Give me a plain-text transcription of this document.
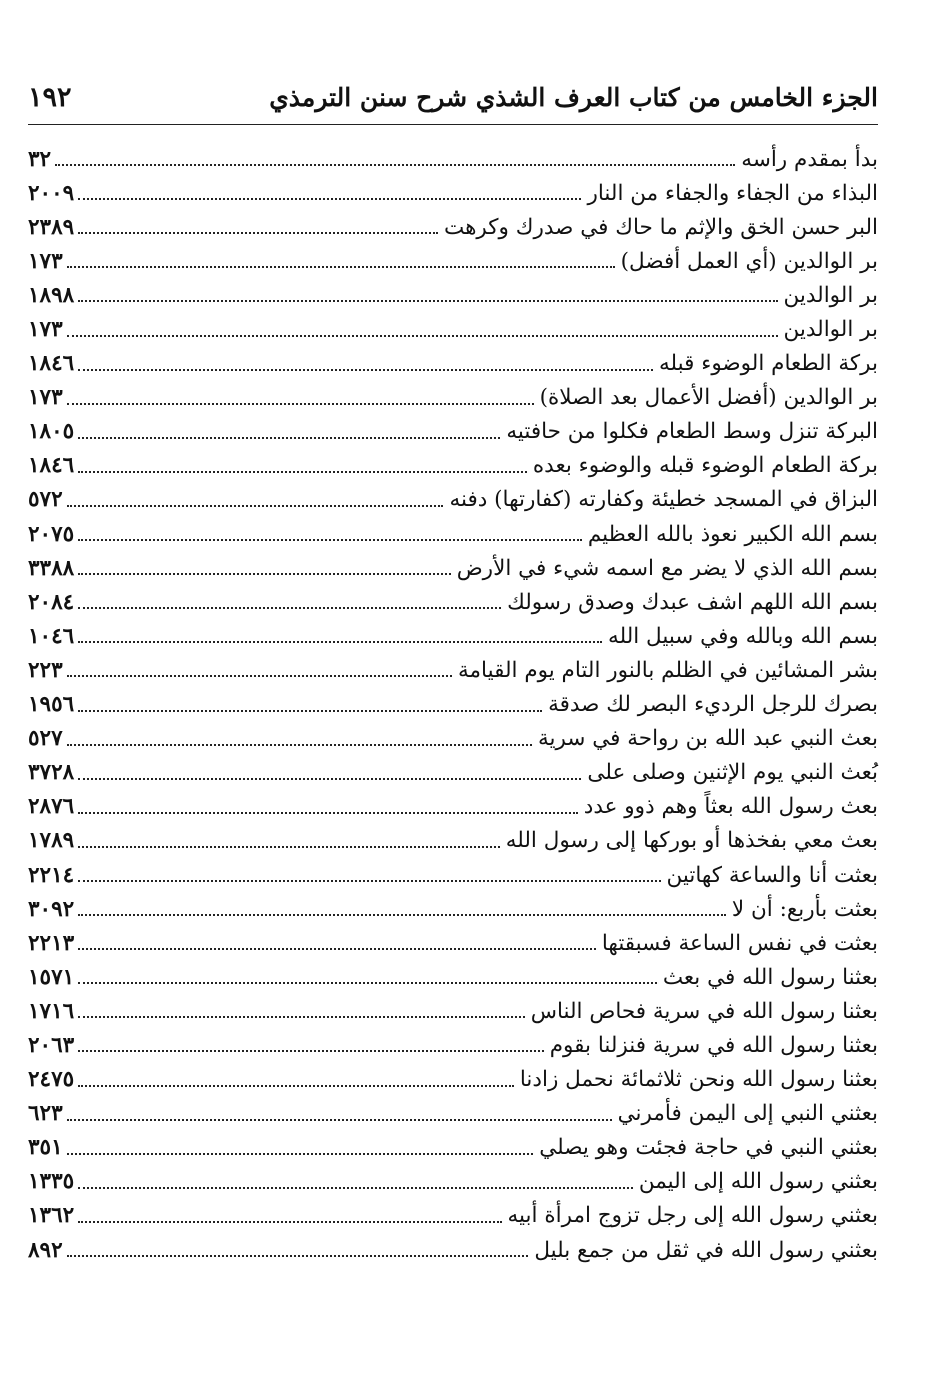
الجزء الخامس من كتاب العرف الشذي شرح سنن الترمذي
١٩٢
بدأ بمقدم رأسه
٣٢
البذاء من الجفاء والجفاء من النار
٢٠٠٩
البر حسن الخق والإثم ما حاك في صدرك وكرهت
٢٣٨٩
بر الوالدين (أي العمل أفضل)
١٧٣
بر الوالدين
١٨٩٨
بر الوالدين
١٧٣
بركة الطعام الوضوء قبله
١٨٤٦
بر الوالدين (أفضل الأعمال بعد الصلاة)
١٧٣
البركة تنزل وسط الطعام فكلوا من حافتيه
١٨٠٥
بركة الطعام الوضوء قبله والوضوء بعده
١٨٤٦
البزاق في المسجد خطيئة وكفارته (كفارتها) دفنه
٥٧٢
بسم الله الكبير نعوذ بالله العظيم
٢٠٧٥
بسم الله الذي لا يضر مع اسمه شيء في الأرض
٣٣٨٨
بسم الله اللهم اشف عبدك وصدق رسولك
٢٠٨٤
بسم الله وبالله وفي سبيل الله
١٠٤٦
بشر المشائين في الظلم بالنور التام يوم القيامة
٢٢٣
بصرك للرجل الرديء البصر لك صدقة
١٩٥٦
بعث النبي عبد الله بن رواحة في سرية
٥٢٧
بُعث النبي يوم الإثنين وصلى على
٣٧٢٨
بعث رسول الله بعثاً وهم ذوو عدد
٢٨٧٦
بعث معي بفخذها أو بوركها إلى رسول الله
١٧٨٩
بعثت أنا والساعة كهاتين
٢٢١٤
بعثت بأربع: أن لا
٣٠٩٢
بعثت في نفس الساعة فسبقتها
٢٢١٣
بعثنا رسول الله في بعث
١٥٧١
بعثنا رسول الله في سرية فحاص الناس
١٧١٦
بعثنا رسول الله في سرية فنزلنا بقوم
٢٠٦٣
بعثنا رسول الله ونحن ثلاثمائة نحمل زادنا
٢٤٧٥
بعثني النبي إلى اليمن فأمرني
٦٢٣
بعثني النبي في حاجة فجئت وهو يصلي
٣٥١
بعثني رسول الله إلى اليمن
١٣٣٥
بعثني رسول الله إلى رجل تزوج امرأة أبيه
١٣٦٢
بعثني رسول الله في ثقل من جمع بليل
٨٩٢
